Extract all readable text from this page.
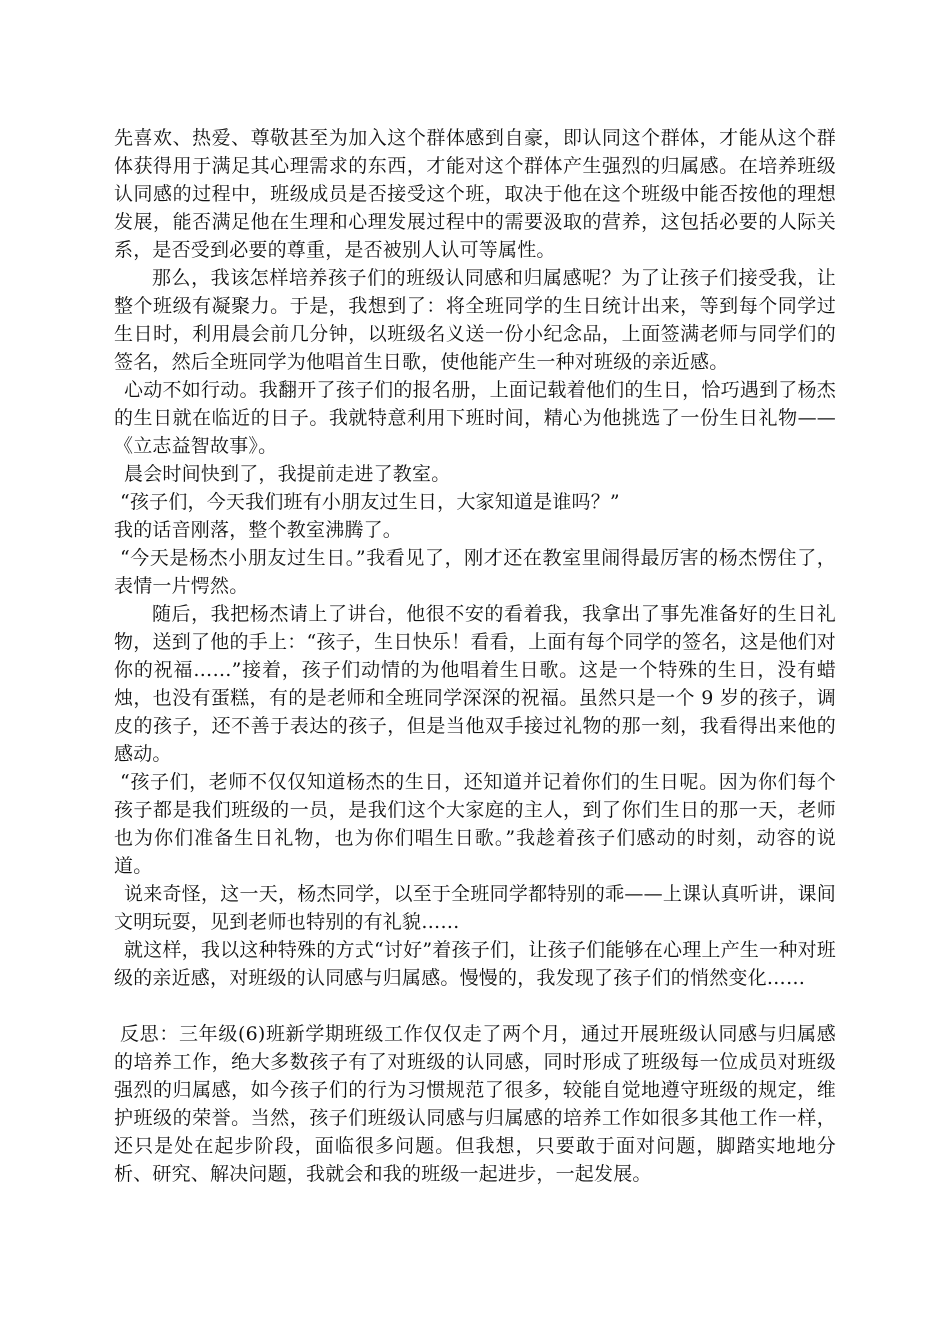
先喜欢、热爱、尊敬甚至为加入这个群体感到自豪，即认同这个群体，才能从这个群体获得用于满足其心理需求的东西，才能对这个群体产生强烈的归属感。在培养班级认同感的过程中，班级成员是否接受这个班，取决于他在这个班级中能否按他的理想发展，能否满足他在生理和心理发展过程中的需要汲取的营养，这包括必要的人际关系，是否受到必要的尊重，是否被别人认可等属性。

那么，我该怎样培养孩子们的班级认同感和归属感呢？为了让孩子们接受我，让整个班级有凝聚力。于是，我想到了：将全班同学的生日统计出来，等到每个同学过生日时，利用晨会前几分钟，以班级名义送一份小纪念品，上面签满老师与同学们的签名，然后全班同学为他唱首生日歌，使他能产生一种对班级的亲近感。

心动不如行动。我翻开了孩子们的报名册，上面记载着他们的生日，恰巧遇到了杨杰的生日就在临近的日子。我就特意利用下班时间，精心为他挑选了一份生日礼物——《立志益智故事》。

晨会时间快到了，我提前走进了教室。

“孩子们，今天我们班有小朋友过生日，大家知道是谁吗？”

我的话音刚落，整个教室沸腾了。

“今天是杨杰小朋友过生日。”我看见了，刚才还在教室里闹得最厉害的杨杰愣住了，表情一片愕然。

随后，我把杨杰请上了讲台，他很不安的看着我，我拿出了事先准备好的生日礼物，送到了他的手上：“孩子，生日快乐！看看，上面有每个同学的签名，这是他们对你的祝福……”接着，孩子们动情的为他唱着生日歌。这是一个特殊的生日，没有蜡烛，也没有蛋糕，有的是老师和全班同学深深的祝福。虽然只是一个 9 岁的孩子，调皮的孩子，还不善于表达的孩子，但是当他双手接过礼物的那一刻，我看得出来他的感动。

“孩子们，老师不仅仅知道杨杰的生日，还知道并记着你们的生日呢。因为你们每个孩子都是我们班级的一员，是我们这个大家庭的主人，到了你们生日的那一天，老师也为你们准备生日礼物，也为你们唱生日歌。”我趁着孩子们感动的时刻，动容的说道。

说来奇怪，这一天，杨杰同学，以至于全班同学都特别的乖——上课认真听讲，课间文明玩耍，见到老师也特别的有礼貌……

就这样，我以这种特殊的方式“讨好”着孩子们，让孩子们能够在心理上产生一种对班级的亲近感，对班级的认同感与归属感。慢慢的，我发现了孩子们的悄然变化……

反思：三年级(6)班新学期班级工作仅仅走了两个月，通过开展班级认同感与归属感的培养工作，绝大多数孩子有了对班级的认同感，同时形成了班级每一位成员对班级强烈的归属感，如今孩子们的行为习惯规范了很多，较能自觉地遵守班级的规定，维护班级的荣誉。当然，孩子们班级认同感与归属感的培养工作如很多其他工作一样，还只是处在起步阶段，面临很多问题。但我想，只要敢于面对问题，脚踏实地地分析、研究、解决问题，我就会和我的班级一起进步，一起发展。
